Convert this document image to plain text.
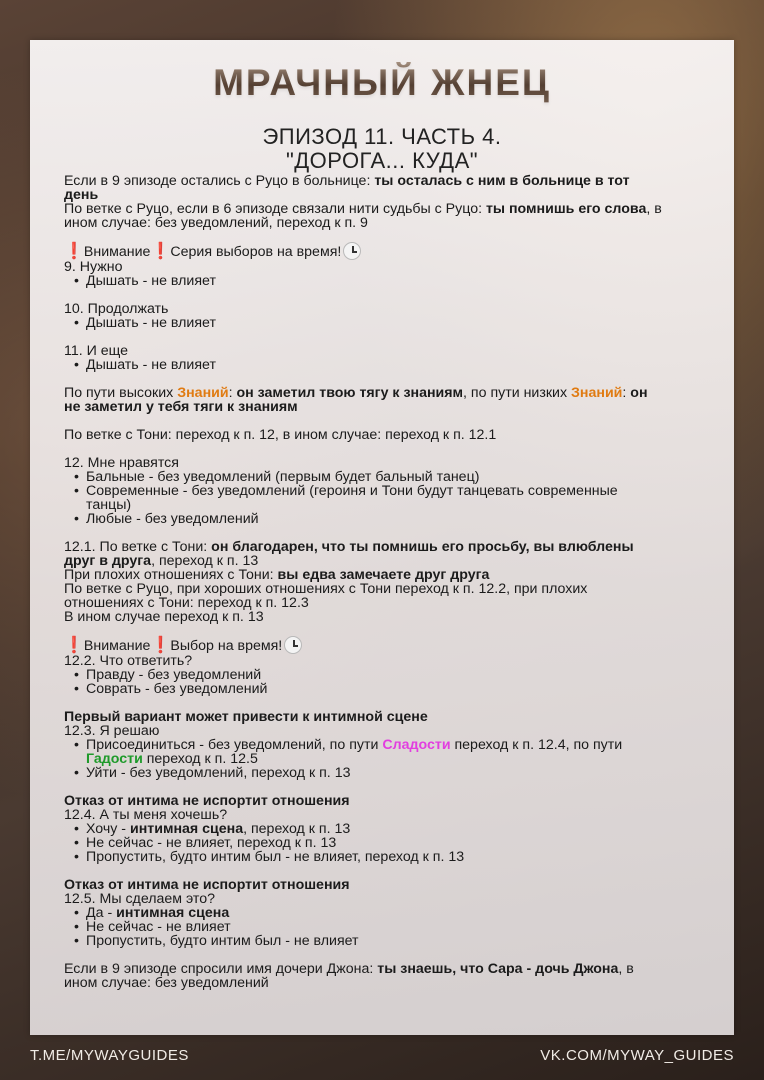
МРАЧНЫЙ ЖНЕЦ
ЭПИЗОД 11. ЧАСТЬ 4.
"ДОРОГА... КУДА"

Если в 9 эпизоде остались с Руцо в больнице: ты осталась с ним в больнице в тот день

По ветке с Руцо, если в 6 эпизоде связали нити судьбы с Руцо: ты помнишь его слова, в ином случае: без уведомлений, переход к п. 9

❗Внимание❗Серия выборов на время!

9. Нужно

• Дышать - не влияет

10. Продолжать

• Дышать - не влияет

11. И еще

• Дышать - не влияет

По пути высоких Знаний: он заметил твою тягу к знаниям, по пути низких Знаний: он не заметил у тебя тяги к знаниям

По ветке с Тони: переход к п. 12, в ином случае: переход к п. 12.1

12. Мне нравятся

• Бальные - без уведомлений (первым будет бальный танец)
• Современные - без уведомлений (героиня и Тони будут танцевать современные танцы)
• Любые - без уведомлений

12.1. По ветке с Тони: он благодарен, что ты помнишь его просьбу, вы влюблены друг в друга, переход к п. 13

При плохих отношениях с Тони: вы едва замечаете друг друга

По ветке с Руцо, при хороших отношениях с Тони переход к п. 12.2, при плохих отношениях с Тони: переход к п. 12.3

В ином случае переход к п. 13

❗Внимание❗Выбор на время!

12.2. Что ответить?

• Правду - без уведомлений
• Соврать - без уведомлений

Первый вариант может привести к интимной сцене

12.3. Я решаю

• Присоединиться - без уведомлений, по пути Сладости переход к п. 12.4, по пути Гадости переход к п. 12.5
• Уйти - без уведомлений, переход к п. 13

Отказ от интима не испортит отношения

12.4. А ты меня хочешь?

• Хочу - интимная сцена, переход к п. 13
• Не сейчас - не влияет, переход к п. 13
• Пропустить, будто интим был - не влияет, переход к п. 13

Отказ от интима не испортит отношения

12.5. Мы сделаем это?

• Да - интимная сцена
• Не сейчас - не влияет
• Пропустить, будто интим был - не влияет

Если в 9 эпизоде спросили имя дочери Джона: ты знаешь, что Сара - дочь Джона, в ином случае: без уведомлений

T.ME/MYWAYGUIDES	VK.COM/MYWAY_GUIDES
